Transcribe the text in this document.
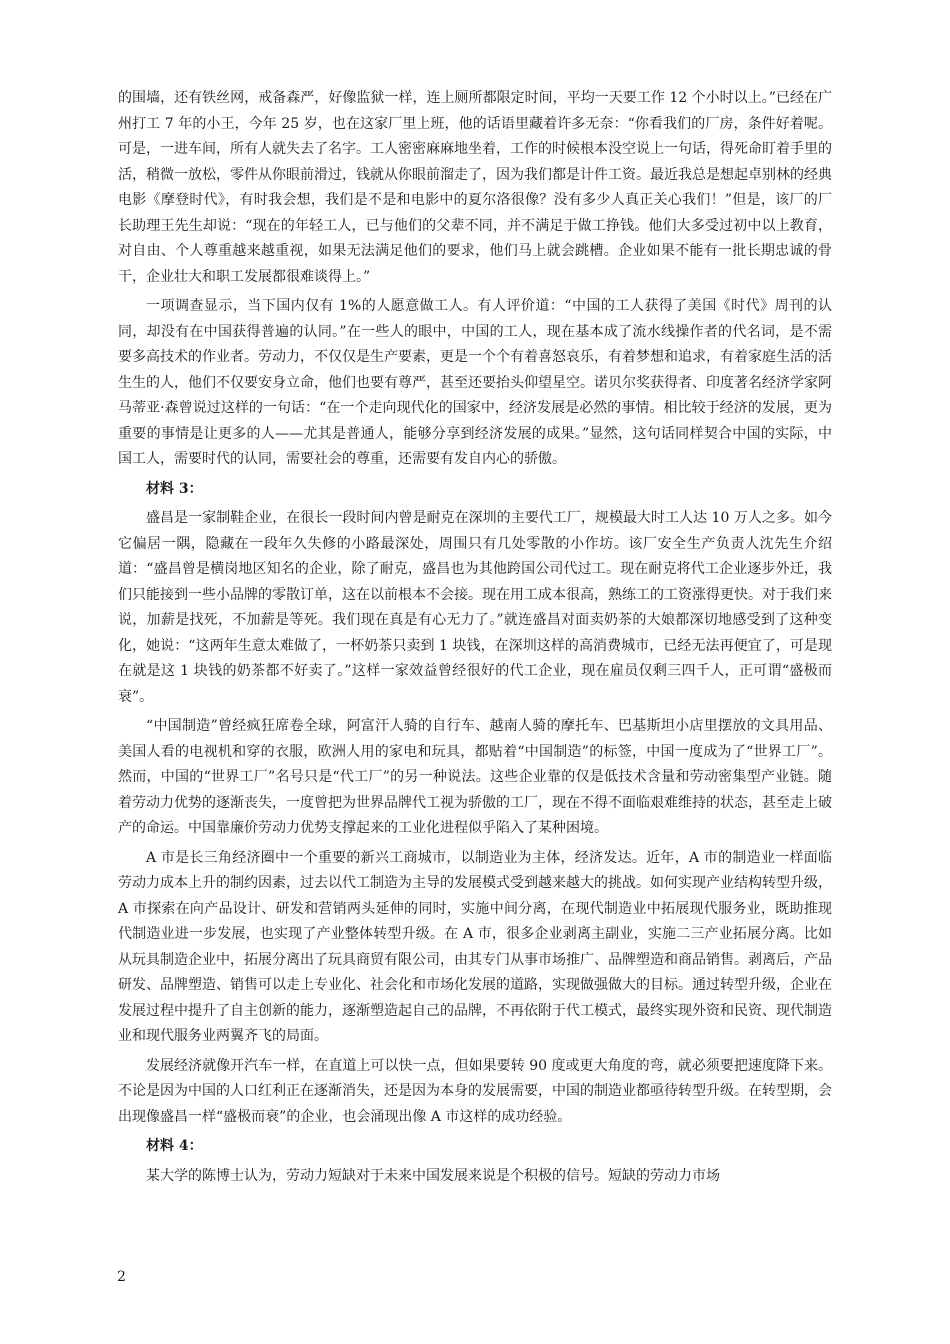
的围墙，还有铁丝网，戒备森严，好像监狱一样，连上厕所都限定时间，平均一天要工作 12 个小时以上。”已经在广州打工 7 年的小王，今年 25 岁，也在这家厂里上班，他的话语里藏着许多无奈：“你看我们的厂房，条件好着呢。可是，一进车间，所有人就失去了名字。工人密密麻麻地坐着，工作的时候根本没空说上一句话，得死命盯着手里的活，稍微一放松，零件从你眼前滑过，钱就从你眼前溜走了，因为我们都是计件工资。最近我总是想起卓别林的经典电影《摩登时代》，有时我会想，我们是不是和电影中的夏尔洛很像？没有多少人真正关心我们！”但是，该厂的厂长助理王先生却说：“现在的年轻工人，已与他们的父辈不同，并不满足于做工挣钱。他们大多受过初中以上教育，对自由、个人尊重越来越重视，如果无法满足他们的要求，他们马上就会跳槽。企业如果不能有一批长期忠诚的骨干，企业壮大和职工发展都很难谈得上。”

一项调查显示，当下国内仅有 1%的人愿意做工人。有人评价道：“中国的工人获得了美国《时代》周刊的认同，却没有在中国获得普遍的认同。”在一些人的眼中，中国的工人，现在基本成了流水线操作者的代名词，是不需要多高技术的作业者。劳动力，不仅仅是生产要素，更是一个个有着喜怒哀乐，有着梦想和追求，有着家庭生活的活生生的人，他们不仅要安身立命，他们也要有尊严，甚至还要抬头仰望星空。诺贝尔奖获得者、印度著名经济学家阿马蒂亚·森曾说过这样的一句话：“在一个走向现代化的国家中，经济发展是必然的事情。相比较于经济的发展，更为重要的事情是让更多的人——尤其是普通人，能够分享到经济发展的成果。”显然，这句话同样契合中国的实际，中国工人，需要时代的认同，需要社会的尊重，还需要有发自内心的骄傲。

材料 3：

盛昌是一家制鞋企业，在很长一段时间内曾是耐克在深圳的主要代工厂，规模最大时工人达 10 万人之多。如今它偏居一隅，隐藏在一段年久失修的小路最深处，周围只有几处零散的小作坊。该厂安全生产负责人沈先生介绍道：“盛昌曾是横岗地区知名的企业，除了耐克，盛昌也为其他跨国公司代过工。现在耐克将代工企业逐步外迁，我们只能接到一些小品牌的零散订单，这在以前根本不会接。现在用工成本很高，熟练工的工资涨得更快。对于我们来说，加薪是找死，不加薪是等死。我们现在真是有心无力了。”就连盛昌对面卖奶茶的大娘都深切地感受到了这种变化，她说：“这两年生意太难做了，一杯奶茶只卖到 1 块钱，在深圳这样的高消费城市，已经无法再便宜了，可是现在就是这 1 块钱的奶茶都不好卖了。”这样一家效益曾经很好的代工企业，现在雇员仅剩三四千人，正可谓“盛极而衰”。

“中国制造”曾经疯狂席卷全球，阿富汗人骑的自行车、越南人骑的摩托车、巴基斯坦小店里摆放的文具用品、美国人看的电视机和穿的衣服，欧洲人用的家电和玩具，都贴着“中国制造”的标签，中国一度成为了“世界工厂”。然而，中国的“世界工厂”名号只是“代工厂”的另一种说法。这些企业靠的仅是低技术含量和劳动密集型产业链。随着劳动力优势的逐渐丧失，一度曾把为世界品牌代工视为骄傲的工厂，现在不得不面临艰难维持的状态，甚至走上破产的命运。中国靠廉价劳动力优势支撑起来的工业化进程似乎陷入了某种困境。

A 市是长三角经济圈中一个重要的新兴工商城市，以制造业为主体，经济发达。近年，A 市的制造业一样面临劳动力成本上升的制约因素，过去以代工制造为主导的发展模式受到越来越大的挑战。如何实现产业结构转型升级，A 市探索在向产品设计、研发和营销两头延伸的同时，实施中间分离，在现代制造业中拓展现代服务业，既助推现代制造业进一步发展，也实现了产业整体转型升级。在 A 市，很多企业剥离主副业，实施二三产业拓展分离。比如从玩具制造企业中，拓展分离出了玩具商贸有限公司，由其专门从事市场推广、品牌塑造和商品销售。剥离后，产品研发、品牌塑造、销售可以走上专业化、社会化和市场化发展的道路，实现做强做大的目标。通过转型升级，企业在发展过程中提升了自主创新的能力，逐渐塑造起自己的品牌，不再依附于代工模式，最终实现外资和民资、现代制造业和现代服务业两翼齐飞的局面。

发展经济就像开汽车一样，在直道上可以快一点，但如果要转 90 度或更大角度的弯，就必须要把速度降下来。不论是因为中国的人口红利正在逐渐消失，还是因为本身的发展需要，中国的制造业都亟待转型升级。在转型期，会出现像盛昌一样“盛极而衰”的企业，也会涌现出像 A 市这样的成功经验。

材料 4：

某大学的陈博士认为，劳动力短缺对于未来中国发展来说是个积极的信号。短缺的劳动力市场

2
